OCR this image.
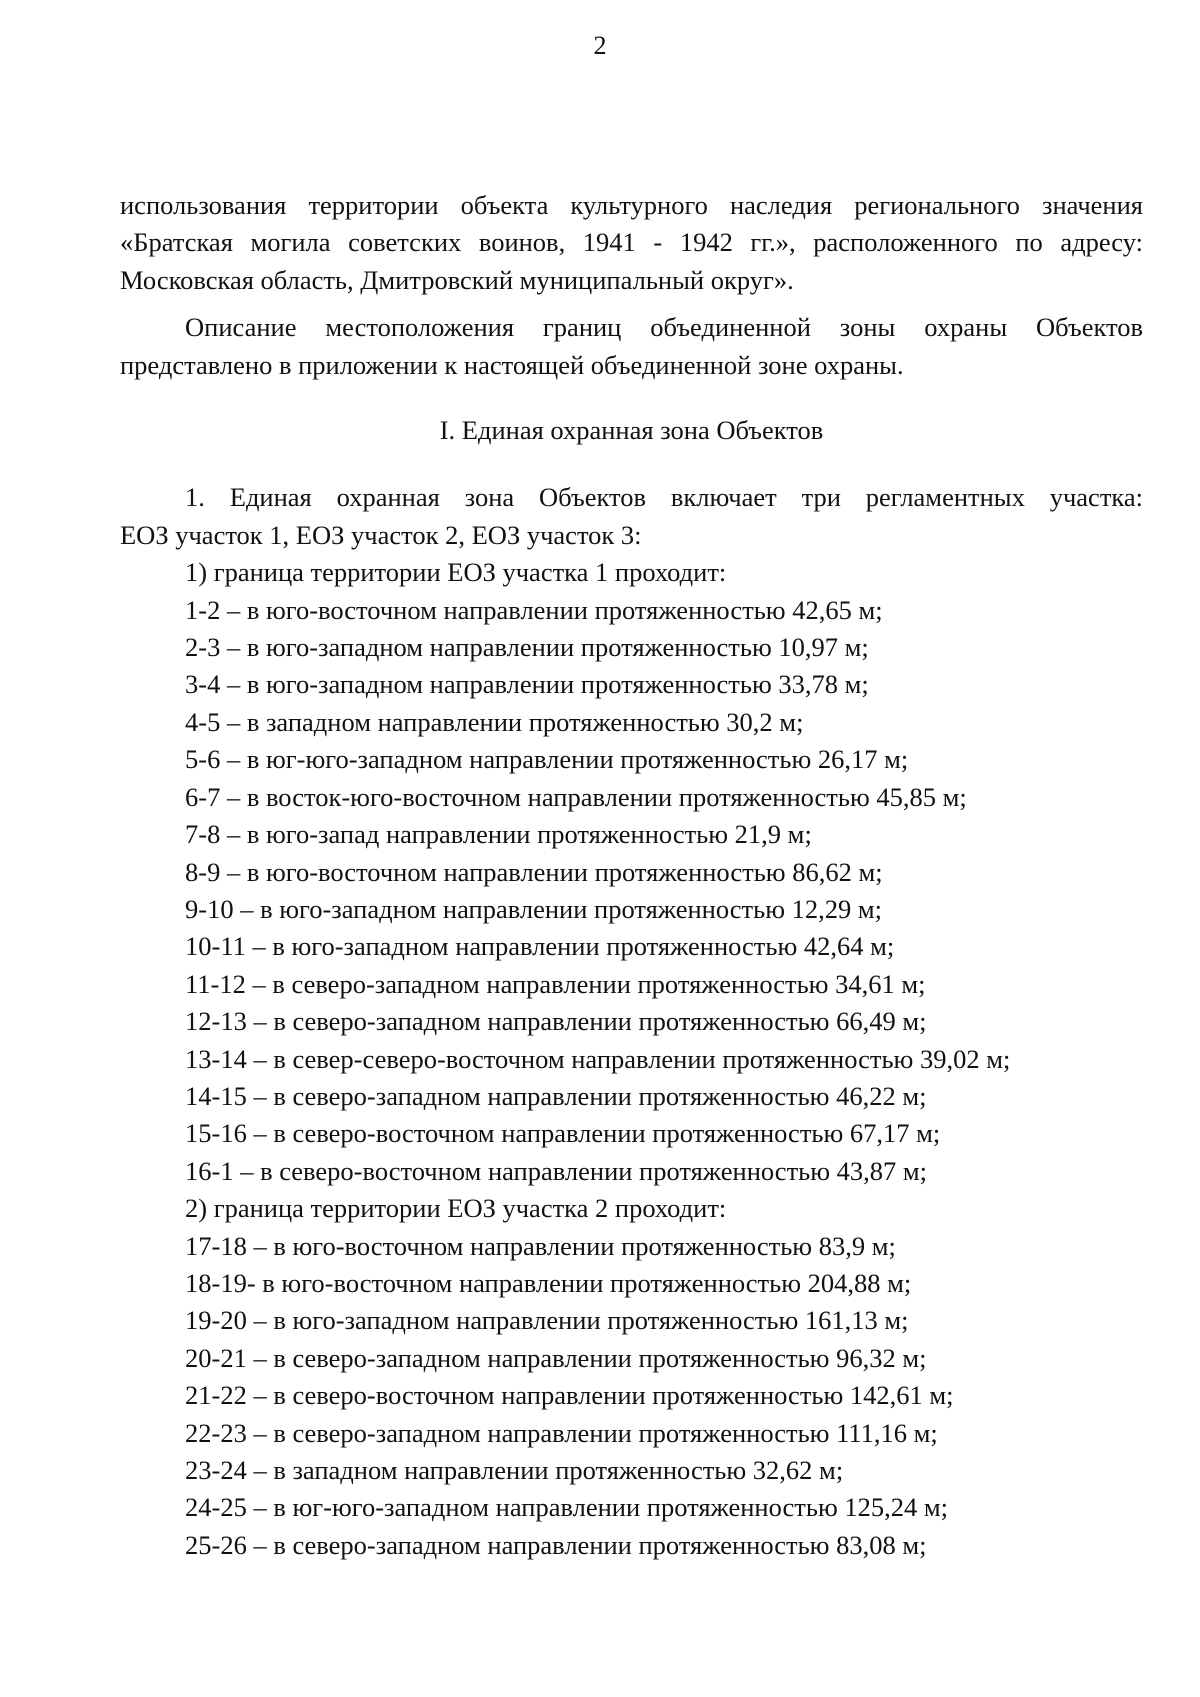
2

использования территории объекта культурного наследия регионального значения

«Братская могила советских воинов, 1941 - 1942 гг.», расположенного по адресу:

Московская область, Дмитровский муниципальный округ».

Описание местоположения границ объединенной зоны охраны Объектов

представлено в приложении к настоящей объединенной зоне охраны.

I. Единая охранная зона Объектов

1. Единая охранная зона Объектов включает три регламентных участка:

ЕОЗ участок 1, ЕОЗ участок 2, ЕОЗ участок 3:

1) граница территории ЕОЗ участка 1 проходит:

1-2 – в юго-восточном направлении протяженностью 42,65 м;

2-3 – в юго-западном направлении протяженностью 10,97 м;

3-4 – в юго-западном направлении протяженностью 33,78 м;

4-5 – в западном направлении протяженностью 30,2 м;

5-6 – в юг-юго-западном направлении протяженностью 26,17 м;

6-7 – в восток-юго-восточном направлении протяженностью 45,85 м;

7-8 – в юго-запад направлении протяженностью 21,9 м;

8-9 – в юго-восточном направлении протяженностью 86,62 м;

9-10 – в юго-западном направлении протяженностью 12,29 м;

10-11 – в юго-западном направлении протяженностью 42,64 м;

11-12 – в северо-западном направлении протяженностью 34,61 м;

12-13 – в северо-западном направлении протяженностью 66,49 м;

13-14 – в север-северо-восточном направлении протяженностью 39,02 м;

14-15 – в северо-западном направлении протяженностью 46,22 м;

15-16 – в северо-восточном направлении протяженностью 67,17 м;

16-1 – в северо-восточном направлении протяженностью 43,87 м;

2) граница территории ЕОЗ участка 2 проходит:

17-18 – в юго-восточном направлении протяженностью 83,9 м;

18-19- в юго-восточном направлении протяженностью 204,88 м;

19-20 – в юго-западном направлении протяженностью 161,13 м;

20-21 – в северо-западном направлении протяженностью 96,32 м;

21-22 – в северо-восточном направлении протяженностью 142,61 м;

22-23 – в северо-западном направлении протяженностью 111,16 м;

23-24 – в западном направлении протяженностью 32,62 м;

24-25 – в юг-юго-западном направлении протяженностью 125,24 м;

25-26 – в северо-западном направлении протяженностью 83,08 м;
